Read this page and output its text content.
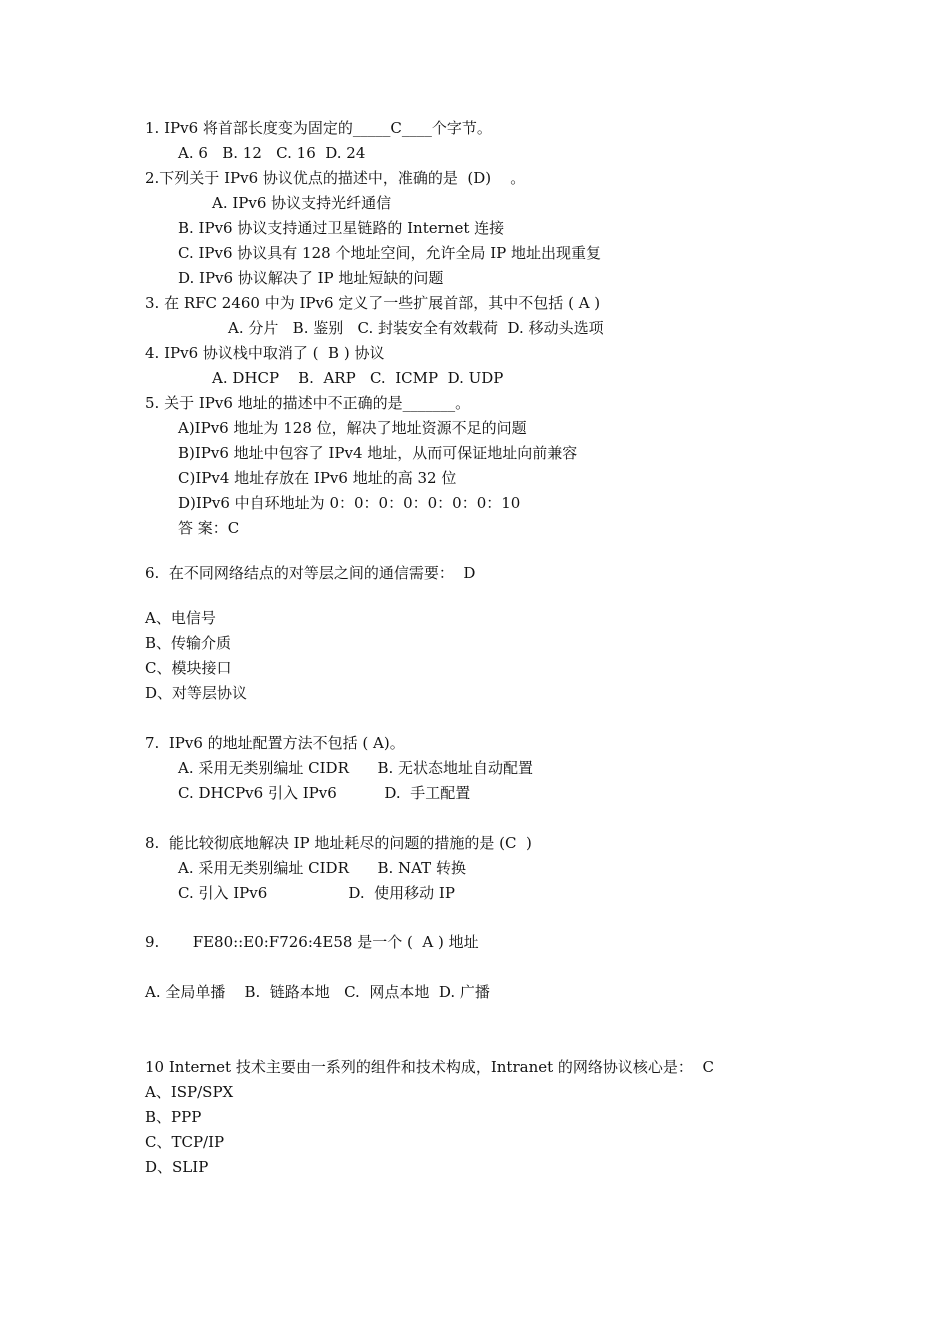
1. IPv6 将首部长度变为固定的_____C____个字节。
A. 6   B. 12   C. 16  D. 24
2.下列关于 IPv6 协议优点的描述中，准确的是  (D)    。
A. IPv6 协议支持光纤通信
B. IPv6 协议支持通过卫星链路的 Internet 连接
C. IPv6 协议具有 128 个地址空间，允许全局 IP 地址出现重复
D. IPv6 协议解决了 IP 地址短缺的问题
3. 在 RFC 2460 中为 IPv6 定义了一些扩展首部，其中不包括 ( A )
A. 分片   B. 鉴别   C. 封装安全有效载荷  D. 移动头选项
4. IPv6 协议栈中取消了 (  B ) 协议
A. DHCP    B.  ARP   C.  ICMP  D. UDP
5. 关于 IPv6 地址的描述中不正确的是_______。
A)IPv6 地址为 128 位，解决了地址资源不足的问题
B)IPv6 地址中包容了 IPv4 地址，从而可保证地址向前兼容
C)IPv4 地址存放在 IPv6 地址的高 32 位
D)IPv6 中自环地址为 0：0：0：0：0：0：0：10
答 案：C
6.  在不同网络结点的对等层之间的通信需要：  D
A、电信号
B、传输介质
C、模块接口
D、对等层协议
7.  IPv6 的地址配置方法不包括 ( A)。
A. 采用无类别编址 CIDR      B. 无状态地址自动配置
C. DHCPv6 引入 IPv6          D.  手工配置
8.  能比较彻底地解决 IP 地址耗尽的问题的措施的是 (C  )
A. 采用无类别编址 CIDR      B. NAT 转换
C. 引入 IPv6                 D.  使用移动 IP
9.       FE80::E0:F726:4E58 是一个 (  A ) 地址
A. 全局单播    B.  链路本地   C.  网点本地  D. 广播
10 Internet 技术主要由一系列的组件和技术构成，Intranet 的网络协议核心是：  C
A、ISP/SPX
B、PPP
C、TCP/IP
D、SLIP
